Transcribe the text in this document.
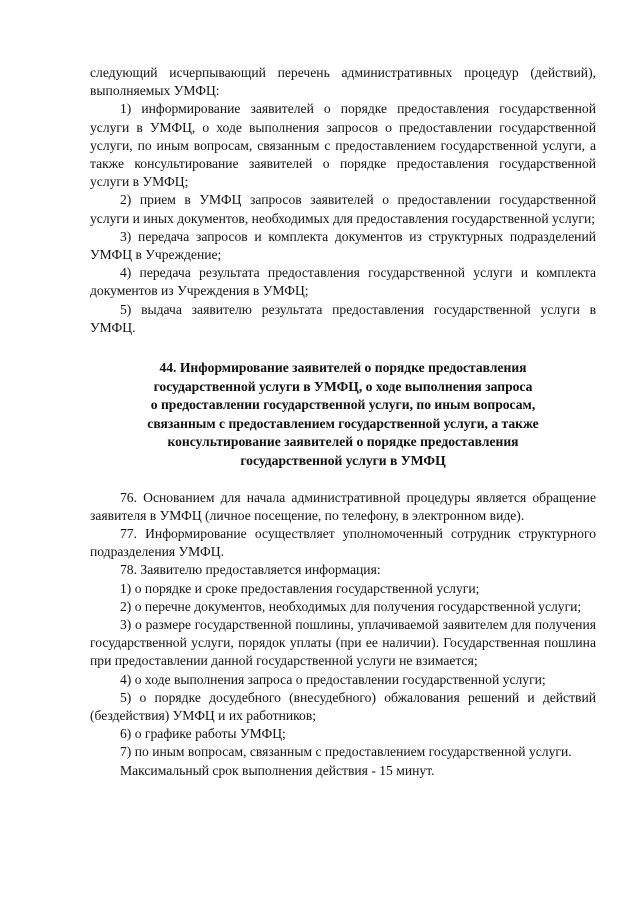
следующий исчерпывающий перечень административных процедур (действий), выполняемых УМФЦ:

1) информирование заявителей о порядке предоставления государственной услуги в УМФЦ, о ходе выполнения запросов о предоставлении государственной услуги, по иным вопросам, связанным с предоставлением государственной услуги, а также консультирование заявителей о порядке предоставления государственной услуги в УМФЦ;

2) прием в УМФЦ запросов заявителей о предоставлении государственной услуги и иных документов, необходимых для предоставления государственной услуги;

3) передача запросов и комплекта документов из структурных подразделений УМФЦ в Учреждение;

4) передача результата предоставления государственной услуги и комплекта документов из Учреждения в УМФЦ;

5) выдача заявителю результата предоставления государственной услуги в УМФЦ.

44. Информирование заявителей о порядке предоставления
государственной услуги в УМФЦ, о ходе выполнения запроса
о предоставлении государственной услуги, по иным вопросам,
связанным с предоставлением государственной услуги, а также
консультирование заявителей о порядке предоставления
государственной услуги в УМФЦ

76. Основанием для начала административной процедуры является обращение заявителя в УМФЦ (личное посещение, по телефону, в электронном виде).

77. Информирование осуществляет уполномоченный сотрудник структурного подразделения УМФЦ.

78. Заявителю предоставляется информация:

1) о порядке и сроке предоставления государственной услуги;

2) о перечне документов, необходимых для получения государственной услуги;

3) о размере государственной пошлины, уплачиваемой заявителем для получения государственной услуги, порядок уплаты (при ее наличии). Государственная пошлина при предоставлении данной государственной услуги не взимается;

4) о ходе выполнения запроса о предоставлении государственной услуги;

5) о порядке досудебного (внесудебного) обжалования решений и действий (бездействия) УМФЦ и их работников;

6) о графике работы УМФЦ;

7) по иным вопросам, связанным с предоставлением государственной услуги.

Максимальный срок выполнения действия - 15 минут.
